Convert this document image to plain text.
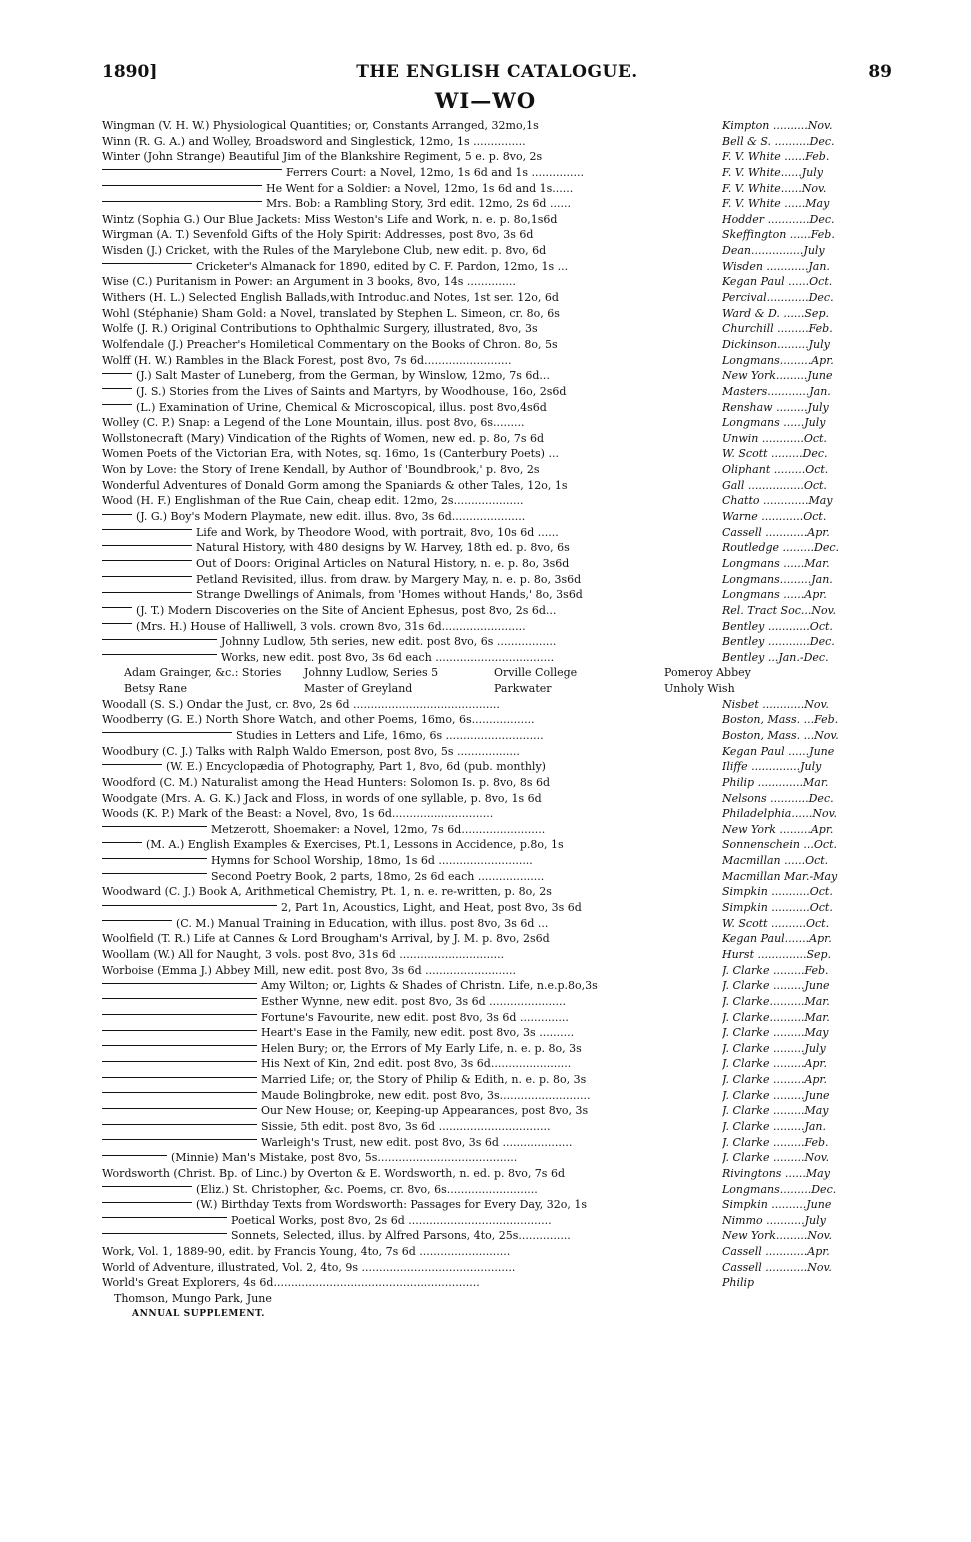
1890]	THE ENGLISH CATALOGUE.	89
WI—WO
Wingman (V. H. W.) Physiological Quantities; or, Constants Arranged, 32mo,1s	Kimpton ..........Nov.
Winn (R. G. A.) and Wolley, Broadsword and Singlestick, 12mo, 1s ...............	Bell & S. ..........Dec.
Winter (John Strange) Beautiful Jim of the Blankshire Regiment, 5 e. p. 8vo, 2s	F. V. White ......Feb.
Ferrers Court: a Novel, 12mo, 1s 6d and 1s ...............	F. V. White......July
He Went for a Soldier: a Novel, 12mo, 1s 6d and 1s......	F. V. White......Nov.
Mrs. Bob: a Rambling Story, 3rd edit. 12mo, 2s 6d ......	F. V. White ......May
Wintz (Sophia G.) Our Blue Jackets: Miss Weston's Life and Work, n. e. p. 8o,1s6d	Hodder ............Dec.
Wirgman (A. T.) Sevenfold Gifts of the Holy Spirit: Addresses, post 8vo, 3s 6d	Skeffington ......Feb.
Wisden (J.) Cricket, with the Rules of the Marylebone Club, new edit. p. 8vo, 6d	Dean...............July
Cricketer's Almanack for 1890, edited by C. F. Pardon, 12mo, 1s ...	Wisden ............Jan.
Wise (C.) Puritanism in Power: an Argument in 3 books, 8vo, 14s ..............	Kegan Paul ......Oct.
Withers (H. L.) Selected English Ballads,with Introduc.and Notes, 1st ser. 12o, 6d	Percival............Dec.
Wohl (Stéphanie) Sham Gold: a Novel, translated by Stephen L. Simeon, cr. 8o, 6s	Ward & D. ......Sep.
Wolfe (J. R.) Original Contributions to Ophthalmic Surgery, illustrated, 8vo, 3s	Churchill .........Feb.
Wolfendale (J.) Preacher's Homiletical Commentary on the Books of Chron. 8o, 5s	Dickinson.........July
Wolff (H. W.) Rambles in the Black Forest, post 8vo, 7s 6d.........................	Longmans.........Apr.
(J.) Salt Master of Luneberg, from the German, by Winslow, 12mo, 7s 6d...	New York.........June
(J. S.) Stories from the Lives of Saints and Martyrs, by Woodhouse, 16o, 2s6d	Masters............Jan.
(L.) Examination of Urine, Chemical & Microscopical, illus. post 8vo,4s6d	Renshaw .........July
Wolley (C. P.) Snap: a Legend of the Lone Mountain, illus. post 8vo, 6s.........	Longmans ......July
Wollstonecraft (Mary) Vindication of the Rights of Women, new ed. p. 8o, 7s 6d	Unwin ............Oct.
Women Poets of the Victorian Era, with Notes, sq. 16mo, 1s (Canterbury Poets) ...	W. Scott .........Dec.
Won by Love: the Story of Irene Kendall, by Author of 'Boundbrook,' p. 8vo, 2s	Oliphant .........Oct.
Wonderful Adventures of Donald Gorm among the Spaniards & other Tales, 12o, 1s	Gall ................Oct.
Wood (H. F.) Englishman of the Rue Cain, cheap edit. 12mo, 2s....................	Chatto .............May
(J. G.) Boy's Modern Playmate, new edit. illus. 8vo, 3s 6d.....................	Warne ............Oct.
Life and Work, by Theodore Wood, with portrait, 8vo, 10s 6d ......	Cassell ............Apr.
Natural History, with 480 designs by W. Harvey, 18th ed. p. 8vo, 6s	Routledge .........Dec.
Out of Doors: Original Articles on Natural History, n. e. p. 8o, 3s6d	Longmans ......Mar.
Petland Revisited, illus. from draw. by Margery May, n. e. p. 8o, 3s6d	Longmans.........Jan.
Strange Dwellings of Animals, from 'Homes without Hands,' 8o, 3s6d	Longmans ......Apr.
(J. T.) Modern Discoveries on the Site of Ancient Ephesus, post 8vo, 2s 6d...	Rel. Tract Soc...Nov.
(Mrs. H.) House of Halliwell, 3 vols. crown 8vo, 31s 6d........................	Bentley ............Oct.
Johnny Ludlow, 5th series, new edit. post 8vo, 6s .................	Bentley ............Dec.
Works, new edit. post 8vo, 3s 6d each ..................................	Bentley ...Jan.-Dec.
Adam Grainger, &c.: Stories	Johnny Ludlow, Series 5	Orville College	Pomeroy Abbey
Betsy Rane	Master of Greyland	Parkwater	Unholy Wish
Woodall (S. S.) Ondar the Just, cr. 8vo, 2s 6d ..........................................	Nisbet ............Nov.
Woodberry (G. E.) North Shore Watch, and other Poems, 16mo, 6s..................	Boston, Mass. ...Feb.
Studies in Letters and Life, 16mo, 6s ............................	Boston, Mass. ...Nov.
Woodbury (C. J.) Talks with Ralph Waldo Emerson, post 8vo, 5s ..................	Kegan Paul ......June
(W. E.) Encyclopædia of Photography, Part 1, 8vo, 6d (pub. monthly)	Iliffe ..............July
Woodford (C. M.) Naturalist among the Head Hunters: Solomon Is. p. 8vo, 8s 6d	Philip .............Mar.
Woodgate (Mrs. A. G. K.) Jack and Floss, in words of one syllable, p. 8vo, 1s 6d	Nelsons ...........Dec.
Woods (K. P.) Mark of the Beast: a Novel, 8vo, 1s 6d.............................	Philadelphia......Nov.
Metzerott, Shoemaker: a Novel, 12mo, 7s 6d........................	New York .........Apr.
(M. A.) English Examples & Exercises, Pt.1, Lessons in Accidence, p.8o, 1s	Sonnenschein ...Oct.
Hymns for School Worship, 18mo, 1s 6d ...........................	Macmillan ......Oct.
Second Poetry Book, 2 parts, 18mo, 2s 6d each ...................	Macmillan Mar.-May
Woodward (C. J.) Book A, Arithmetical Chemistry, Pt. 1, n. e. re-written, p. 8o, 2s	Simpkin ...........Oct.
2, Part 1n, Acoustics, Light, and Heat, post 8vo, 3s 6d	Simpkin ...........Oct.
(C. M.) Manual Training in Education, with illus. post 8vo, 3s 6d ...	W. Scott ..........Oct.
Woolfield (T. R.) Life at Cannes & Lord Brougham's Arrival, by J. M. p. 8vo, 2s6d	Kegan Paul.......Apr.
Woollam (W.) All for Naught, 3 vols. post 8vo, 31s 6d ..............................	Hurst ..............Sep.
Worboise (Emma J.) Abbey Mill, new edit. post 8vo, 3s 6d ..........................	J. Clarke .........Feb.
Amy Wilton; or, Lights & Shades of Christn. Life, n.e.p.8o,3s	J. Clarke .........June
Esther Wynne, new edit. post 8vo, 3s 6d ......................	J. Clarke..........Mar.
Fortune's Favourite, new edit. post 8vo, 3s 6d ..............	J. Clarke..........Mar.
Heart's Ease in the Family, new edit. post 8vo, 3s ..........	J. Clarke .........May
Helen Bury; or, the Errors of My Early Life, n. e. p. 8o, 3s	J. Clarke .........July
His Next of Kin, 2nd edit. post 8vo, 3s 6d.......................	J. Clarke .........Apr.
Married Life; or, the Story of Philip & Edith, n. e. p. 8o, 3s	J. Clarke .........Apr.
Maude Bolingbroke, new edit. post 8vo, 3s..........................	J. Clarke .........June
Our New House; or, Keeping-up Appearances, post 8vo, 3s	J. Clarke .........May
Sissie, 5th edit. post 8vo, 3s 6d ................................	J. Clarke .........Jan.
Warleigh's Trust, new edit. post 8vo, 3s 6d ....................	J. Clarke .........Feb.
(Minnie) Man's Mistake, post 8vo, 5s........................................	J. Clarke .........Nov.
Wordsworth (Christ. Bp. of Linc.) by Overton & E. Wordsworth, n. ed. p. 8vo, 7s 6d	Rivingtons ......May
(Eliz.) St. Christopher, &c. Poems, cr. 8vo, 6s..........................	Longmans.........Dec.
(W.) Birthday Texts from Wordsworth: Passages for Every Day, 32o, 1s	Simpkin ..........June
Poetical Works, post 8vo, 2s 6d .........................................	Nimmo ...........July
Sonnets, Selected, illus. by Alfred Parsons, 4to, 25s...............	New York.........Nov.
Work, Vol. 1, 1889-90, edit. by Francis Young, 4to, 7s 6d ..........................	Cassell ............Apr.
World of Adventure, illustrated, Vol. 2, 4to, 9s ............................................	Cassell ............Nov.
World's Great Explorers, 4s 6d...........................................................	Philip
Thomson, Mungo Park, June
ANNUAL SUPPLEMENT.
